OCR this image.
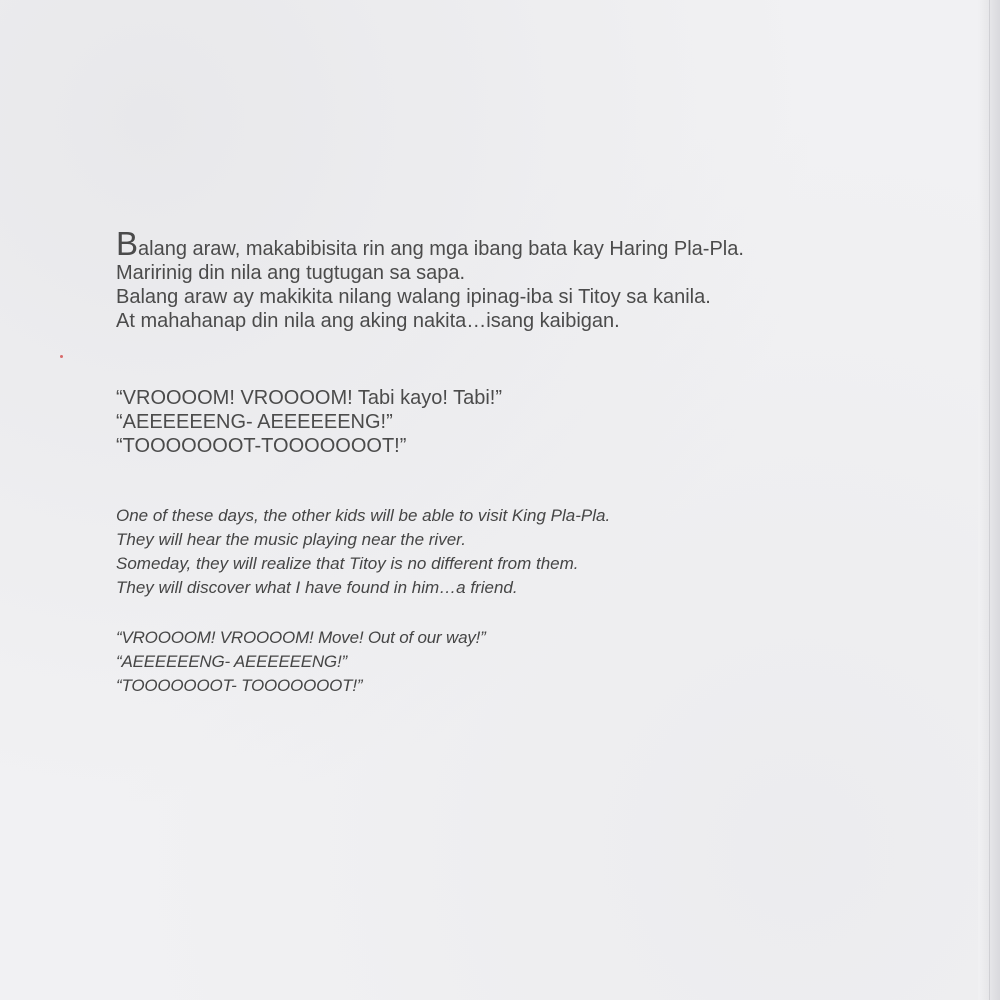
Balang araw, makabibisita rin ang mga ibang bata kay Haring Pla-Pla.

Maririnig din nila ang tugtugan sa sapa.

Balang araw ay makikita nilang walang ipinag-iba si Titoy sa kanila.

At mahahanap din nila ang aking nakita…isang kaibigan.

“VROOOOM! VROOOOM! Tabi kayo! Tabi!”

“AEEEEEENG- AEEEEEENG!”

“TOOOOOOOT-TOOOOOOOT!”

One of these days, the other kids will be able to visit King Pla-Pla.

They will hear the music playing near the river.

Someday, they will realize that Titoy is no different from them.

They will discover what I have found in him…a friend.

“VROOOOM! VROOOOM! Move! Out of our way!”

“AEEEEEENG- AEEEEEENG!”

“TOOOOOOOT- TOOOOOOOT!”
